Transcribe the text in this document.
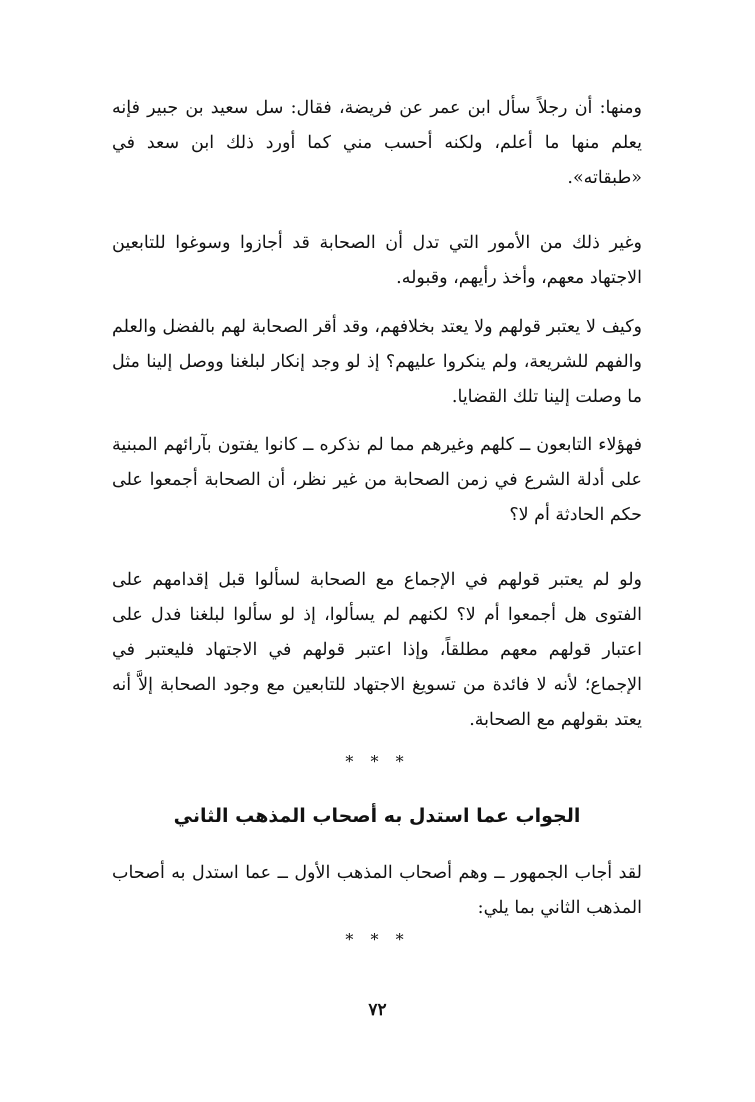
ومنها: أن رجلاً سأل ابن عمر عن فريضة، فقال: سل سعيد بن جبير فإنه يعلم منها ما أعلم، ولكنه أحسب مني كما أورد ذلك ابن سعد في «طبقاته».

وغير ذلك من الأمور التي تدل أن الصحابة قد أجازوا وسوغوا للتابعين الاجتهاد معهم، وأخذ رأيهم، وقبوله.

وكيف لا يعتبر قولهم ولا يعتد بخلافهم، وقد أقر الصحابة لهم بالفضل والعلم والفهم للشريعة، ولم ينكروا عليهم؟ إذ لو وجد إنكار لبلغنا ووصل إلينا مثل ما وصلت إلينا تلك القضايا.

فهؤلاء التابعون ــ كلهم وغيرهم مما لم نذكره ــ كانوا يفتون بآرائهم المبنية على أدلة الشرع في زمن الصحابة من غير نظر، أن الصحابة أجمعوا على حكم الحادثة أم لا؟

ولو لم يعتبر قولهم في الإجماع مع الصحابة لسألوا قبل إقدامهم على الفتوى هل أجمعوا أم لا؟ لكنهم لم يسألوا، إذ لو سألوا لبلغنا فدل على اعتبار قولهم معهم مطلقاً، وإذا اعتبر قولهم في الاجتهاد فليعتبر في الإجماع؛ لأنه لا فائدة من تسويغ الاجتهاد للتابعين مع وجود الصحابة إلاَّ أنه يعتد بقولهم مع الصحابة.

* * *
الجواب عما استدل به أصحاب المذهب الثاني

لقد أجاب الجمهور ــ وهم أصحاب المذهب الأول ــ عما استدل به أصحاب المذهب الثاني بما يلي:

* * *
٧٢
